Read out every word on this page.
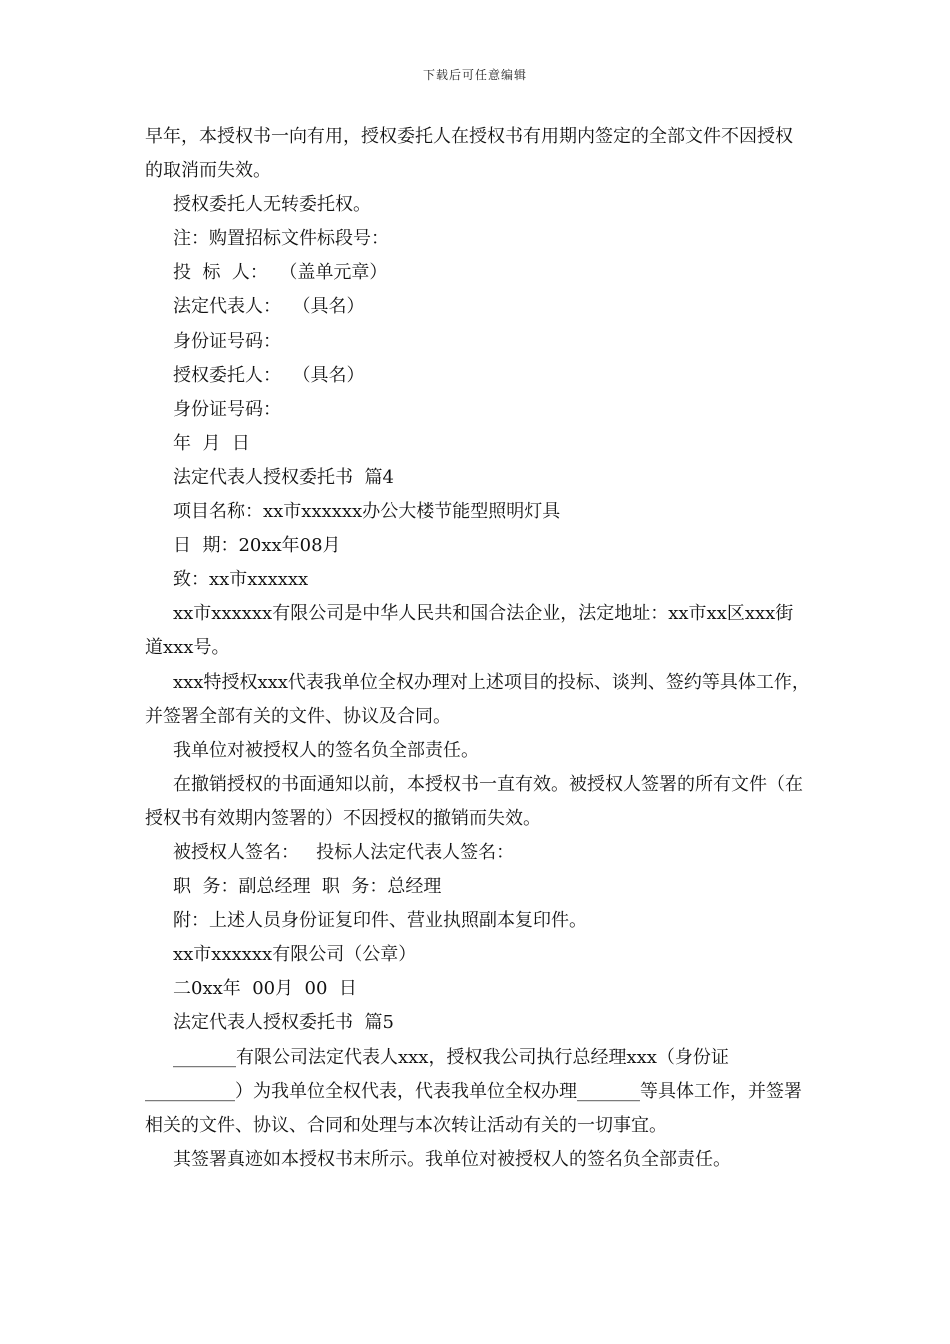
下载后可任意编辑

早年，本授权书一向有用，授权委托人在授权书有用期内签定的全部文件不因授权的取消而失效。

授权委托人无转委托权。

注：购置招标文件标段号：

投  标  人：  （盖单元章）

法定代表人：  （具名）

身份证号码：

授权委托人：  （具名）

身份证号码：

年  月  日

法定代表人授权委托书  篇4

项目名称：xx市xxxxxx办公大楼节能型照明灯具

日  期：20xx年08月

致：xx市xxxxxx

xx市xxxxxx有限公司是中华人民共和国合法企业，法定地址：xx市xx区xxx街道xxx号。

xxx特授权xxx代表我单位全权办理对上述项目的投标、谈判、签约等具体工作，并签署全部有关的文件、协议及合同。

我单位对被授权人的签名负全部责任。

在撤销授权的书面通知以前，本授权书一直有效。被授权人签署的所有文件（在授权书有效期内签署的）不因授权的撤销而失效。

被授权人签名：   投标人法定代表人签名：

职  务：副总经理  职  务：总经理

附：上述人员身份证复印件、营业执照副本复印件。

xx市xxxxxx有限公司（公章）

二0xx年  00月  00  日

法定代表人授权委托书  篇5

_______有限公司法定代表人xxx，授权我公司执行总经理xxx（身份证__________）为我单位全权代表，代表我单位全权办理_______等具体工作，并签署相关的文件、协议、合同和处理与本次转让活动有关的一切事宜。

其签署真迹如本授权书末所示。我单位对被授权人的签名负全部责任。
